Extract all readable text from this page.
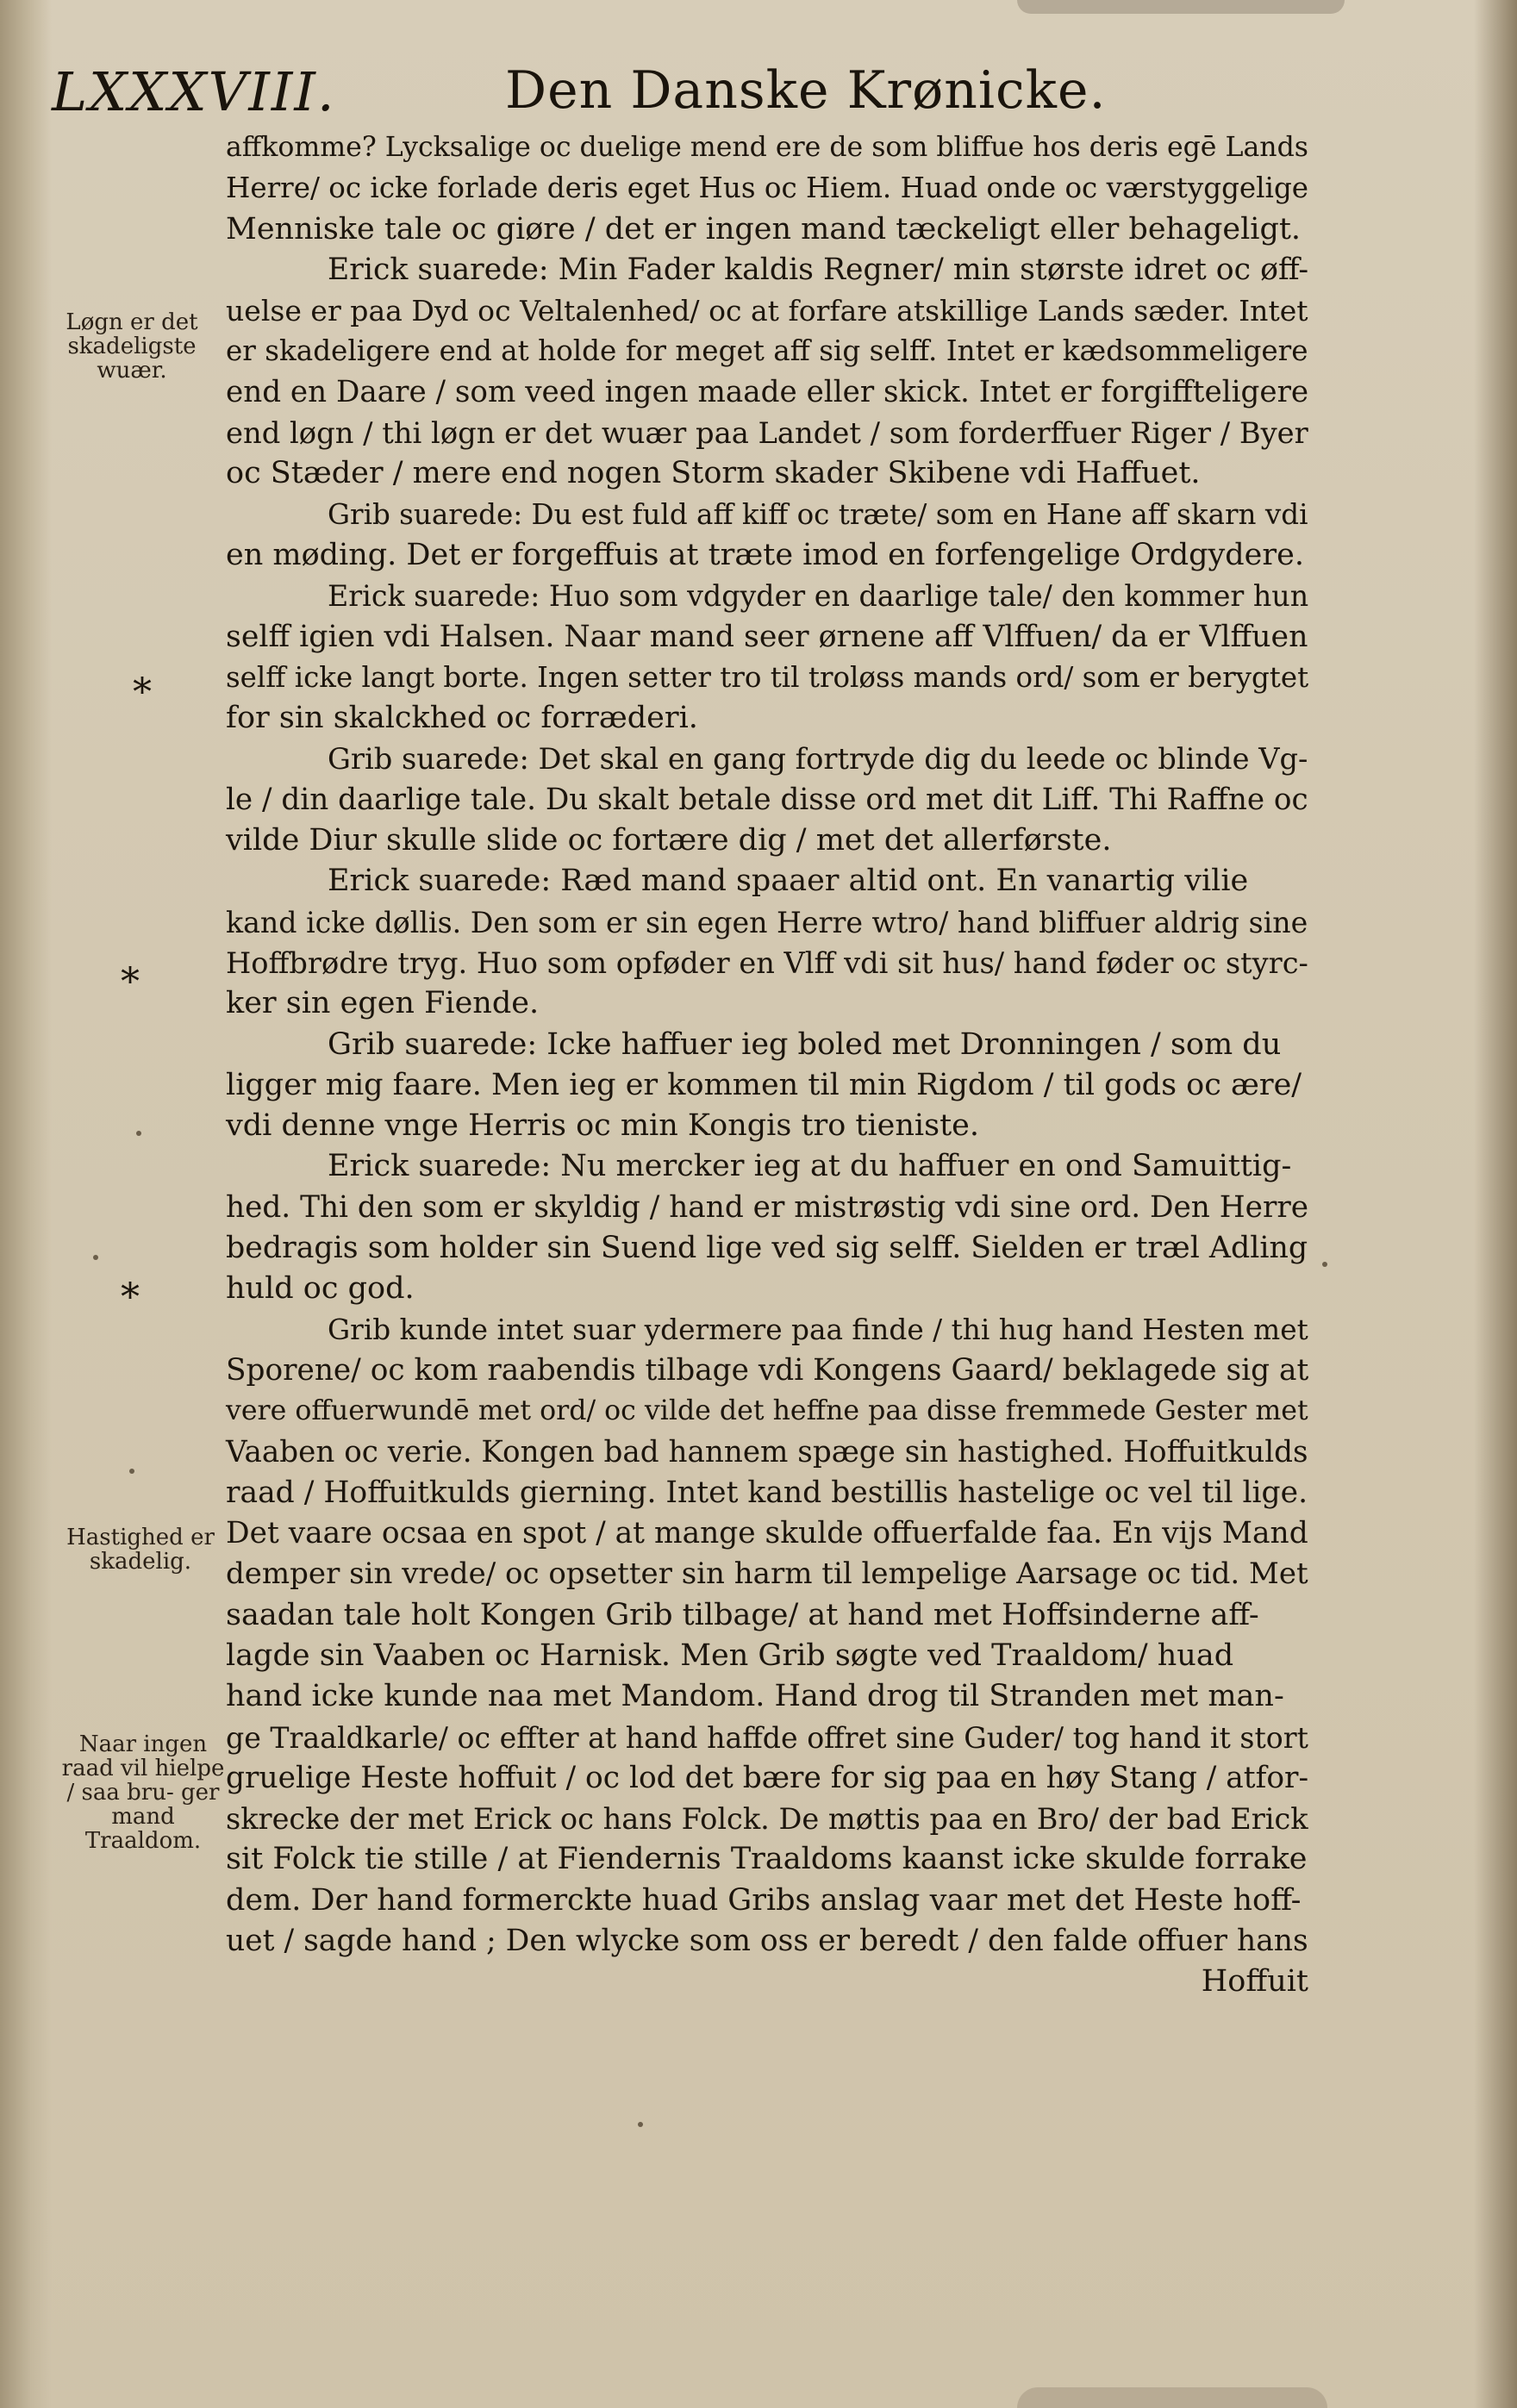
LXXXVIII.	Den Danske Krønicke.
affkomme? Lycksalige oc duelige mend ere de som bliffue hos deris egē Lands
Herre/ oc icke forlade deris eget Hus oc Hiem. Huad onde oc værstyggelige
Menniske tale oc giøre / det er ingen mand tæckeligt eller behageligt.
Erick suarede: Min Fader kaldis Regner/ min største idret oc øff-
uelse er paa Dyd oc Veltalenhed/ oc at forfare atskillige Lands sæder. Intet
er skadeligere end at holde for meget aff sig selff. Intet er kædsommeligere
end en Daare / som veed ingen maade eller skick. Intet er forgiffteligere
end løgn / thi løgn er det wuær paa Landet / som forderffuer Riger / Byer
oc Stæder / mere end nogen Storm skader Skibene vdi Haffuet.
Grib suarede: Du est fuld aff kiff oc træte/ som en Hane aff skarn vdi
en møding. Det er forgeffuis at træte imod en forfengelige Ordgydere.
Erick suarede: Huo som vdgyder en daarlige tale/ den kommer hun
selff igien vdi Halsen. Naar mand seer ørnene aff Vlffuen/ da er Vlffuen
selff icke langt borte. Ingen setter tro til troløss mands ord/ som er berygtet
for sin skalckhed oc forræderi.
Grib suarede: Det skal en gang fortryde dig du leede oc blinde Vg-
le / din daarlige tale. Du skalt betale disse ord met dit Liff. Thi Raffne oc
vilde Diur skulle slide oc fortære dig / met det allerførste.
Erick suarede: Ræd mand spaaer altid ont. En vanartig vilie
kand icke døllis. Den som er sin egen Herre wtro/ hand bliffuer aldrig sine
Hoffbrødre tryg. Huo som opføder en Vlff vdi sit hus/ hand føder oc styrc-
ker sin egen Fiende.
Grib suarede: Icke haffuer ieg boled met Dronningen / som du
ligger mig faare. Men ieg er kommen til min Rigdom / til gods oc ære/
vdi denne vnge Herris oc min Kongis tro tieniste.
Erick suarede: Nu mercker ieg at du haffuer en ond Samuittig-
hed. Thi den som er skyldig / hand er mistrøstig vdi sine ord. Den Herre
bedragis som holder sin Suend lige ved sig selff. Sielden er træl Adling
huld oc god.
Grib kunde intet suar ydermere paa finde / thi hug hand Hesten met
Sporene/ oc kom raabendis tilbage vdi Kongens Gaard/ beklagede sig at
vere offuerwundē met ord/ oc vilde det heffne paa disse fremmede Gester met
Vaaben oc verie. Kongen bad hannem spæge sin hastighed. Hoffuitkulds
raad / Hoffuitkulds gierning. Intet kand bestillis hastelige oc vel til lige.
Det vaare ocsaa en spot / at mange skulde offuerfalde faa. En vijs Mand
demper sin vrede/ oc opsetter sin harm til lempelige Aarsage oc tid. Met
saadan tale holt Kongen Grib tilbage/ at hand met Hoffsinderne aff-
lagde sin Vaaben oc Harnisk. Men Grib søgte ved Traaldom/ huad
hand icke kunde naa met Mandom. Hand drog til Stranden met man-
ge Traaldkarle/ oc effter at hand haffde offret sine Guder/ tog hand it stort
gruelige Heste hoffuit / oc lod det bære for sig paa en høy Stang / atfor-
skrecke der met Erick oc hans Folck. De møttis paa en Bro/ der bad Erick
sit Folck tie stille / at Fiendernis Traaldoms kaanst icke skulde forrake
dem. Der hand formerckte huad Gribs anslag vaar met det Heste hoff-
uet / sagde hand ; Den wlycke som oss er beredt / den falde offuer hans
Hoffuit
Løgn er det skadeligste wuær.
Hastighed er skadelig.
Naar ingen raad vil hielpe / saa bru- ger mand Traaldom.
*
*
*
